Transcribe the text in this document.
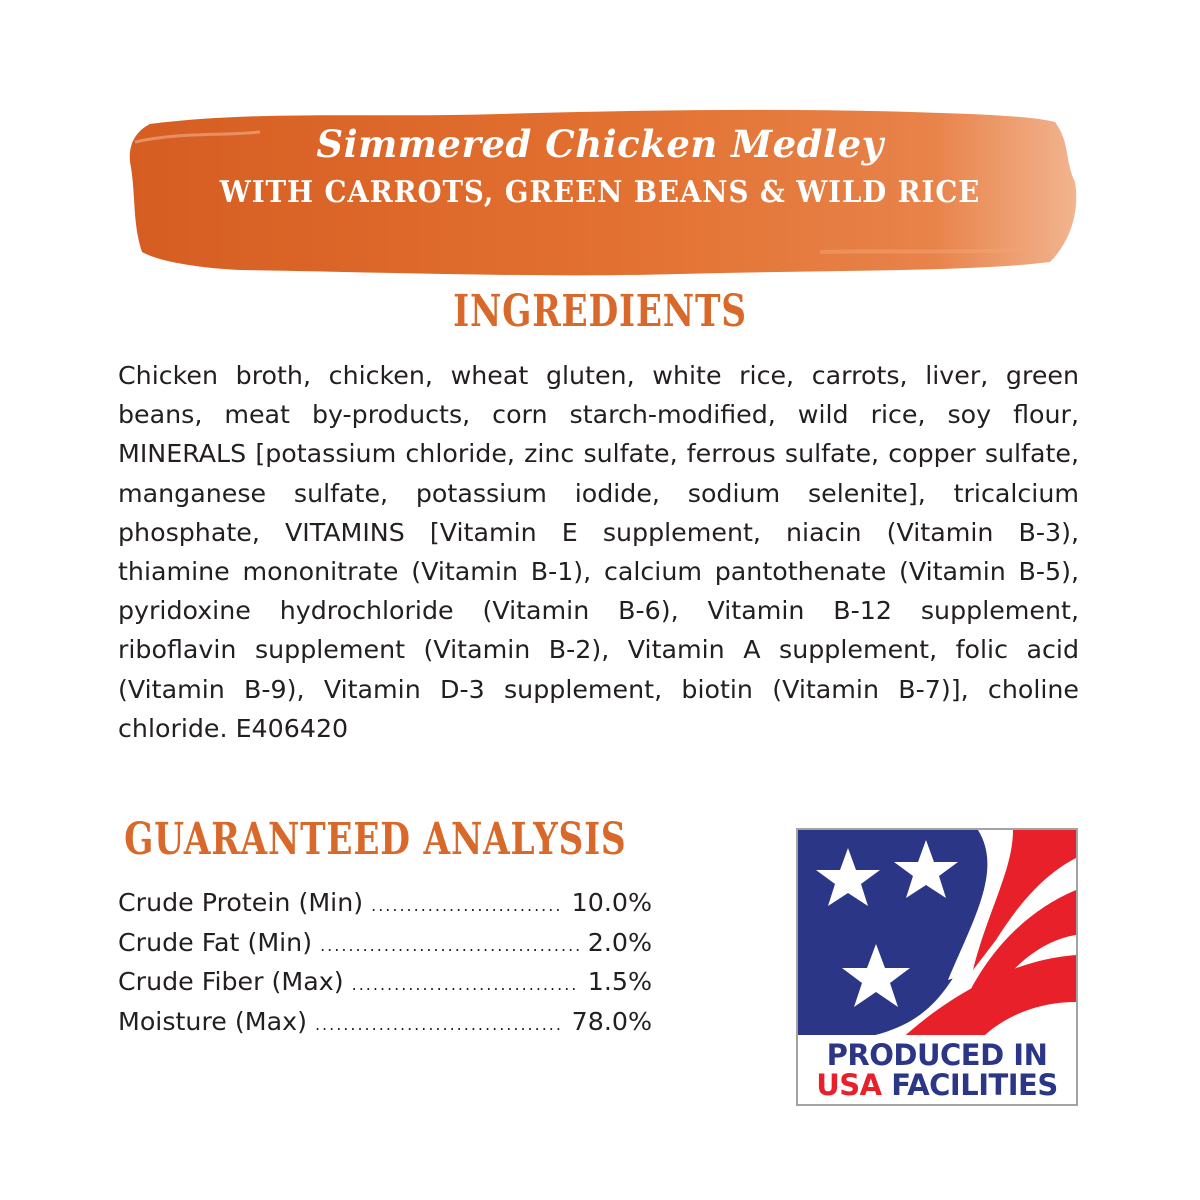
Simmered Chicken Medley
WITH CARROTS, GREEN BEANS & WILD RICE
INGREDIENTS
Chicken broth, chicken, wheat gluten, white rice, carrots, liver, green beans, meat by-products, corn starch-modified, wild rice, soy flour, MINERALS [potassium chloride, zinc sulfate, ferrous sulfate, copper sulfate, manganese sulfate, potassium iodide, sodium selenite], tricalcium phosphate, VITAMINS [Vitamin E supplement, niacin (Vitamin B-3), thiamine mononitrate (Vitamin B-1), calcium pantothenate (Vitamin B-5), pyridoxine hydrochloride (Vitamin B-6), Vitamin B-12 supplement, riboflavin supplement (Vitamin B-2), Vitamin A supplement, folic acid (Vitamin B-9), Vitamin D-3 supplement, biotin (Vitamin B-7)], choline chloride. E406420
GUARANTEED ANALYSIS
Crude Protein (Min) .....	10.0%
Crude Fat (Min) .....	2.0%
Crude Fiber (Max) .....	1.5%
Moisture (Max) .....	78.0%
PRODUCED IN
USA FACILITIES
